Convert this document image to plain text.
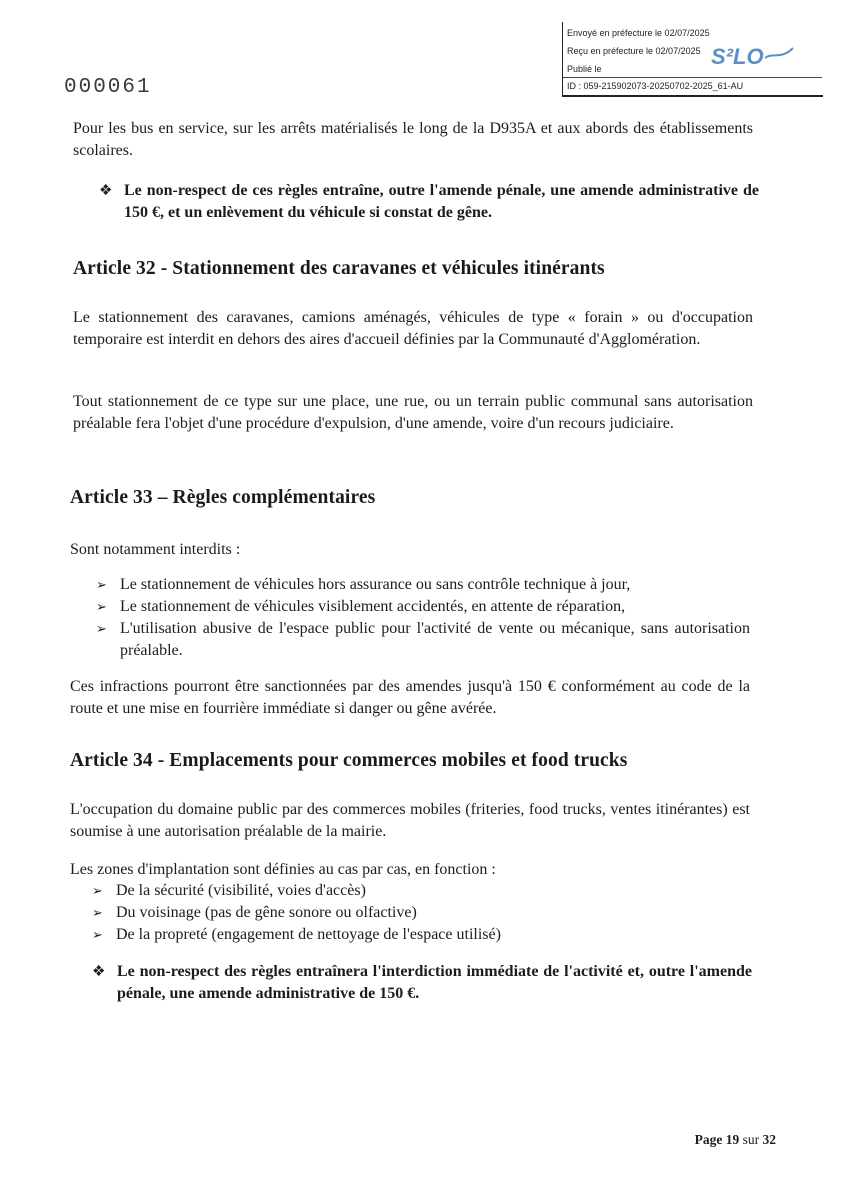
Envoyé en préfecture le 02/07/2025
Reçu en préfecture le 02/07/2025
Publié le
ID : 059-215902073-20250702-2025_61-AU
S²LO
000061

Pour les bus en service, sur les arrêts matérialisés le long de la D935A et aux abords des établissements scolaires.

❖ Le non-respect de ces règles entraîne, outre l'amende pénale, une amende administrative de 150 €, et un enlèvement du véhicule si constat de gêne.
Article 32 - Stationnement des caravanes et véhicules itinérants

Le stationnement des caravanes, camions aménagés, véhicules de type « forain » ou d'occupation temporaire est interdit en dehors des aires d'accueil définies par la Communauté d'Agglomération.

Tout stationnement de ce type sur une place, une rue, ou un terrain public communal sans autorisation préalable fera l'objet d'une procédure d'expulsion, d'une amende, voire d'un recours judiciaire.

Article 33 – Règles complémentaires

Sont notamment interdits :

➢ Le stationnement de véhicules hors assurance ou sans contrôle technique à jour,
➢ Le stationnement de véhicules visiblement accidentés, en attente de réparation,
➢ L'utilisation abusive de l'espace public pour l'activité de vente ou mécanique, sans autorisation préalable.

Ces infractions pourront être sanctionnées par des amendes jusqu'à 150 € conformément au code de la route et une mise en fourrière immédiate si danger ou gêne avérée.

Article 34 - Emplacements pour commerces mobiles et food trucks

L'occupation du domaine public par des commerces mobiles (friteries, food trucks, ventes itinérantes) est soumise à une autorisation préalable de la mairie.

Les zones d'implantation sont définies au cas par cas, en fonction :

➢ De la sécurité (visibilité, voies d'accès)
➢ Du voisinage (pas de gêne sonore ou olfactive)
➢ De la propreté (engagement de nettoyage de l'espace utilisé)
❖ Le non-respect des règles entraînera l'interdiction immédiate de l'activité et, outre l'amende pénale, une amende administrative de 150 €.
Page 19 sur 32
